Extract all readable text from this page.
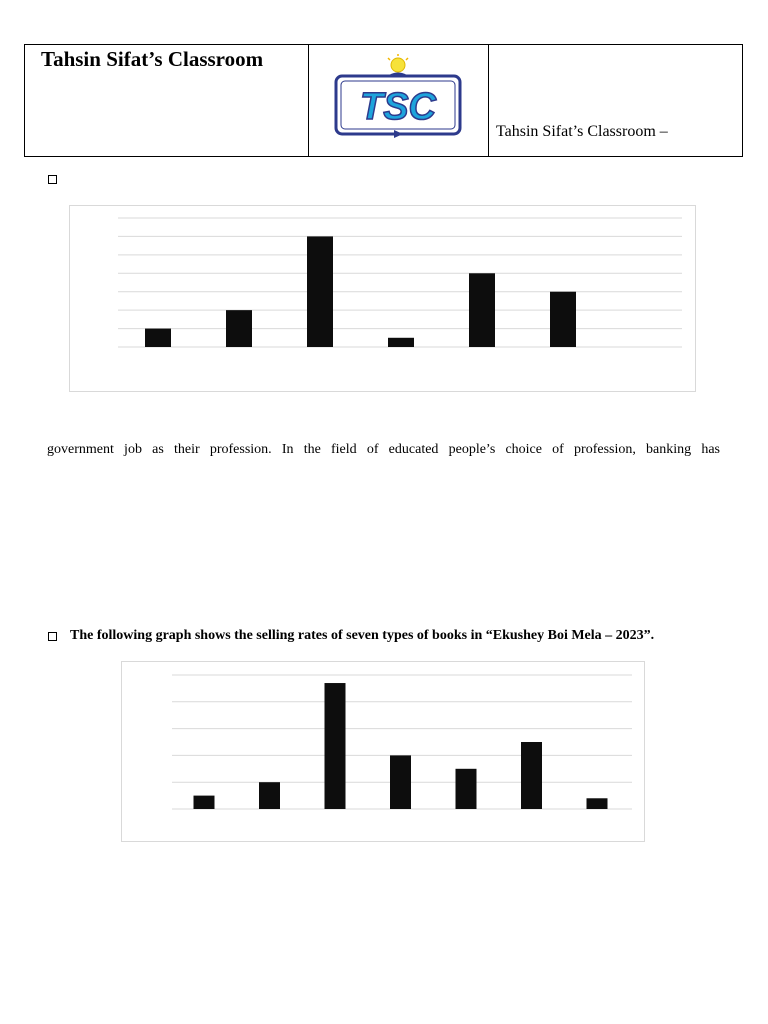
Tahsin Sifat’s Classroom
TSC
Tahsin Sifat’s Classroom –
government job as their profession. In the field of educated people’s choice of profession, banking has
The following graph shows the selling rates of seven types of books in “Ekushey Boi Mela – 2023”.
